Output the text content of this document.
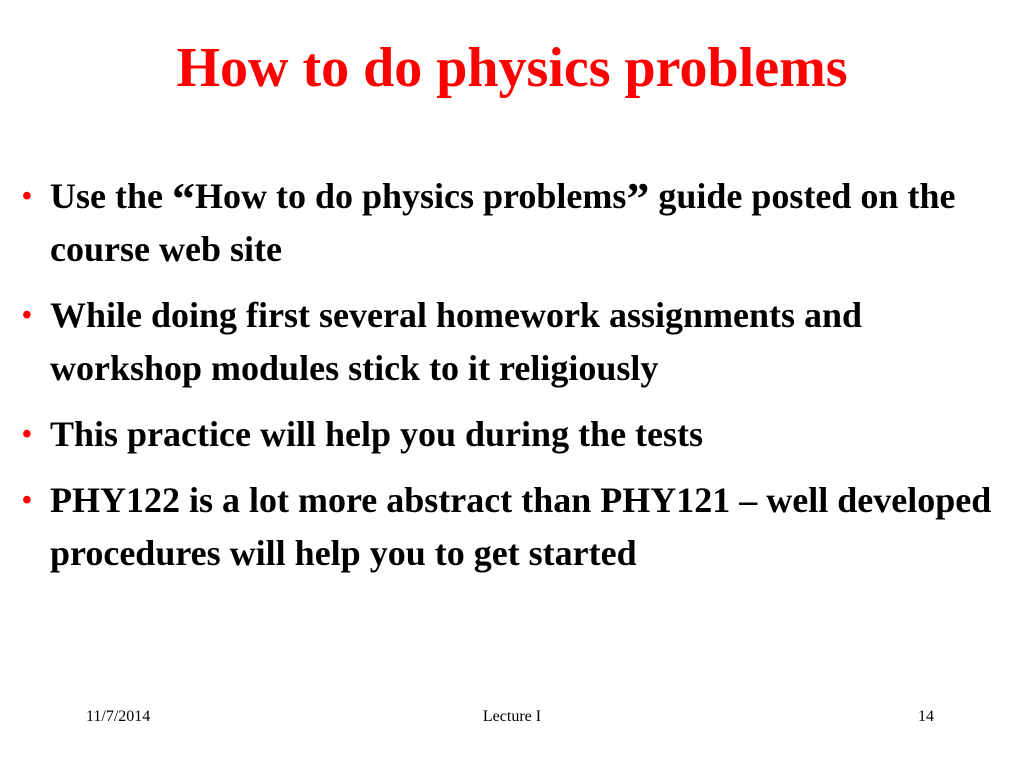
How to do physics problems
• Use the “How to do physics problems” guide posted on the course web site
• While doing first several homework assignments and workshop modules stick to it religiously
• This practice will help you during the tests
• PHY122 is a lot more abstract than PHY121 – well developed procedures will help you to get started
11/7/2014	Lecture I	14
